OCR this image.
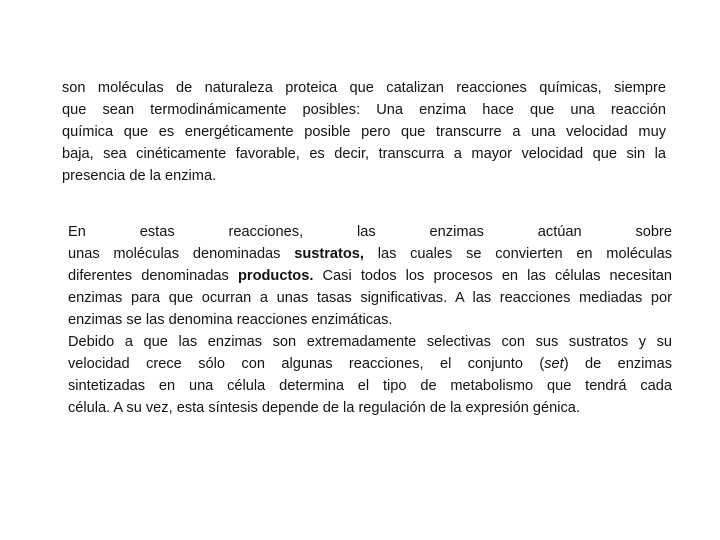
son moléculas de naturaleza proteica que catalizan reacciones químicas, siempre
que sean termodinámicamente posibles: Una enzima hace que una reacción
química que es energéticamente posible pero que transcurre a una velocidad muy
baja, sea cinéticamente favorable, es decir, transcurra a mayor velocidad que sin la
presencia de la enzima.
En estas reacciones, las enzimas actúan sobre
unas moléculas denominadas sustratos, las cuales se convierten en moléculas
diferentes denominadas productos. Casi todos los procesos en las células necesitan
enzimas para que ocurran a unas tasas significativas. A las reacciones mediadas por
enzimas se las denomina reacciones enzimáticas.
Debido a que las enzimas son extremadamente selectivas con sus sustratos y su
velocidad crece sólo con algunas reacciones, el conjunto (set) de enzimas
sintetizadas en una célula determina el tipo de metabolismo que tendrá cada
célula. A su vez, esta síntesis depende de la regulación de la expresión génica.
